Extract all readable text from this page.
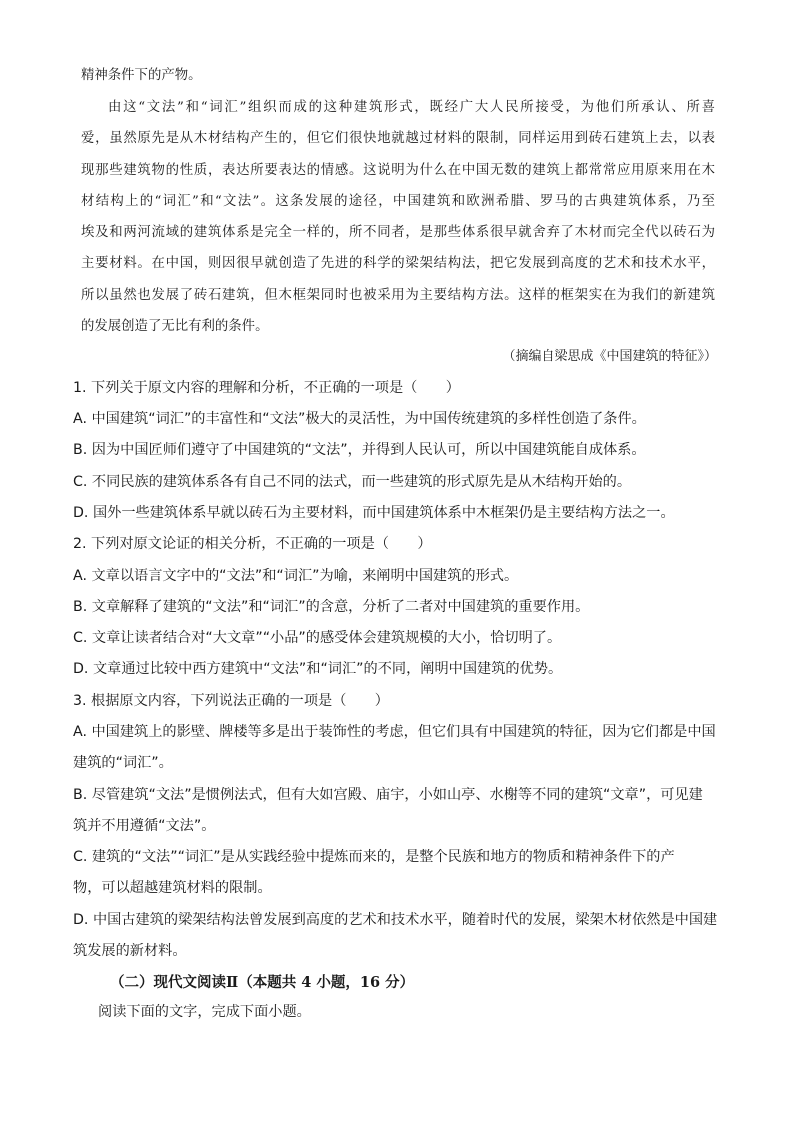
精神条件下的产物。
由这“文法”和“词汇”组织而成的这种建筑形式，既经广大人民所接受，为他们所承认、所喜
爱，虽然原先是从木材结构产生的，但它们很快地就越过材料的限制，同样运用到砖石建筑上去，以表
现那些建筑物的性质，表达所要表达的情感。这说明为什么在中国无数的建筑上都常常应用原来用在木
材结构上的“词汇”和“文法”。这条发展的途径，中国建筑和欧洲希腊、罗马的古典建筑体系，乃至
埃及和两河流域的建筑体系是完全一样的，所不同者，是那些体系很早就舍弃了木材而完全代以砖石为
主要材料。在中国，则因很早就创造了先进的科学的梁架结构法，把它发展到高度的艺术和技术水平，
所以虽然也发展了砖石建筑，但木框架同时也被采用为主要结构方法。这样的框架实在为我们的新建筑
的发展创造了无比有利的条件。
（摘编自梁思成《中国建筑的特征》）
1. 下列关于原文内容的理解和分析，不正确的一项是（　　）
A. 中国建筑“词汇”的丰富性和“文法”极大的灵活性，为中国传统建筑的多样性创造了条件。
B. 因为中国匠师们遵守了中国建筑的“文法”，并得到人民认可，所以中国建筑能自成体系。
C. 不同民族的建筑体系各有自己不同的法式，而一些建筑的形式原先是从木结构开始的。
D. 国外一些建筑体系早就以砖石为主要材料，而中国建筑体系中木框架仍是主要结构方法之一。
2. 下列对原文论证的相关分析，不正确的一项是（　　）
A. 文章以语言文字中的“文法”和“词汇”为喻，来阐明中国建筑的形式。
B. 文章解释了建筑的“文法”和“词汇”的含意，分析了二者对中国建筑的重要作用。
C. 文章让读者结合对“大文章”“小品”的感受体会建筑规模的大小，恰切明了。
D. 文章通过比较中西方建筑中“文法”和“词汇”的不同，阐明中国建筑的优势。
3. 根据原文内容，下列说法正确的一项是（　　）
A. 中国建筑上的影壁、牌楼等多是出于装饰性的考虑，但它们具有中国建筑的特征，因为它们都是中国
建筑的“词汇”。
B. 尽管建筑“文法”是惯例法式，但有大如宫殿、庙宇，小如山亭、水榭等不同的建筑“文章”，可见建
筑并不用遵循“文法”。
C. 建筑的“文法”“词汇”是从实践经验中提炼而来的，是整个民族和地方的物质和精神条件下的产
物，可以超越建筑材料的限制。
D. 中国古建筑的梁架结构法曾发展到高度的艺术和技术水平，随着时代的发展，梁架木材依然是中国建
筑发展的新材料。
（二）现代文阅读Ⅱ（本题共 4 小题，16 分）
阅读下面的文字，完成下面小题。
